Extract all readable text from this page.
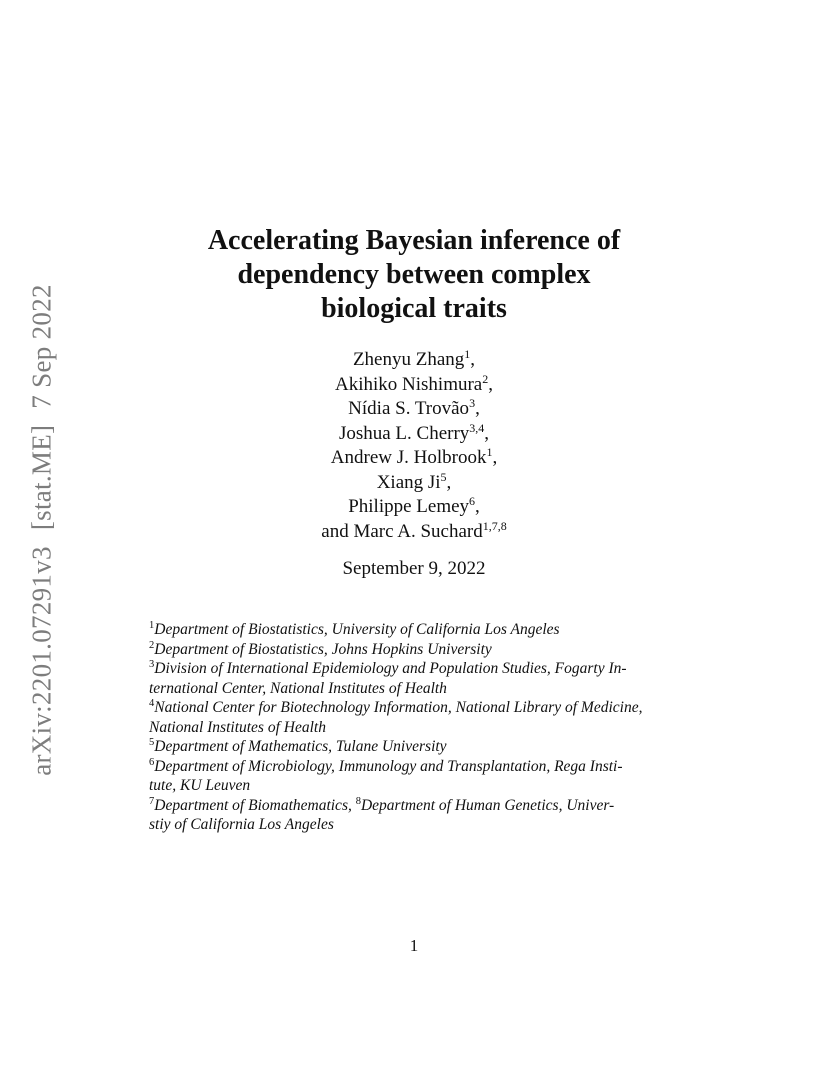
arXiv:2201.07291v3[stat.ME]7 Sep 2022
Accelerating Bayesian inference of
dependency between complex
biological traits
Zhenyu Zhang$^1$,
Akihiko Nishimura$^2$,
Nídia S. Trovão$^3$,
Joshua L. Cherry$^{3,4}$,
Andrew J. Holbrook$^1$,
Xiang Ji$^5$,
Philippe Lemey$^6$,
and Marc A. Suchard$^{1,7,8}$
September 9, 2022
$^1$Department of Biostatistics, University of California Los Angeles
$^2$Department of Biostatistics, Johns Hopkins University
$^3$Division of International Epidemiology and Population Studies, Fogarty In-
ternational Center, National Institutes of Health
$^4$National Center for Biotechnology Information, National Library of Medicine,
National Institutes of Health
$^5$Department of Mathematics, Tulane University
$^6$Department of Microbiology, Immunology and Transplantation, Rega Insti-
tute, KU Leuven
$^7$Department of Biomathematics, $^8$Department of Human Genetics, Univer-
stiy of California Los Angeles
1
